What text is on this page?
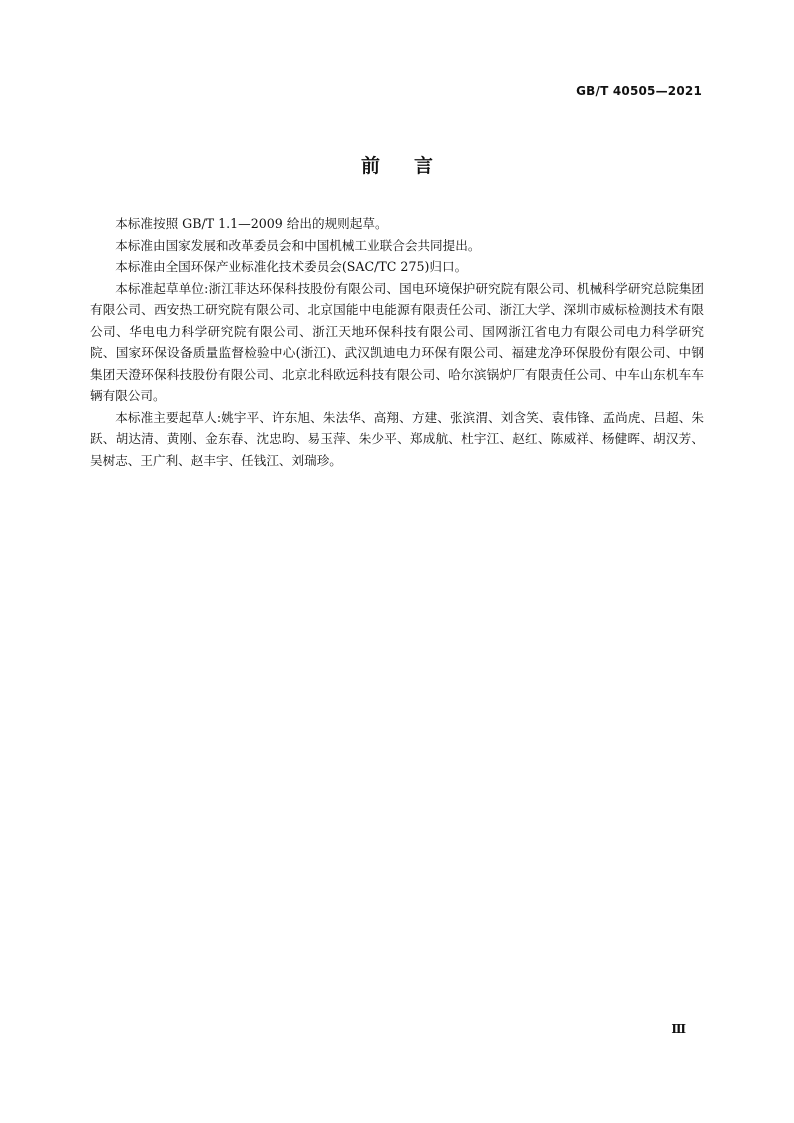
GB/T 40505—2021
前言

本标准按照 GB/T 1.1—2009 给出的规则起草。

本标准由国家发展和改革委员会和中国机械工业联合会共同提出。

本标准由全国环保产业标准化技术委员会(SAC/TC 275)归口。

本标准起草单位:浙江菲达环保科技股份有限公司、国电环境保护研究院有限公司、机械科学研究总院集团有限公司、西安热工研究院有限公司、北京国能中电能源有限责任公司、浙江大学、深圳市威标检测技术有限公司、华电电力科学研究院有限公司、浙江天地环保科技有限公司、国网浙江省电力有限公司电力科学研究院、国家环保设备质量监督检验中心(浙江)、武汉凯迪电力环保有限公司、福建龙净环保股份有限公司、中钢集团天澄环保科技股份有限公司、北京北科欧远科技有限公司、哈尔滨锅炉厂有限责任公司、中车山东机车车辆有限公司。

本标准主要起草人:姚宇平、许东旭、朱法华、高翔、方建、张滨渭、刘含笑、袁伟锋、孟尚虎、吕超、朱跃、胡达清、黄刚、金东春、沈忠昀、易玉萍、朱少平、郑成航、杜宇江、赵红、陈威祥、杨健晖、胡汉芳、吴树志、王广利、赵丰宇、任钱江、刘瑞珍。

Ⅲ
